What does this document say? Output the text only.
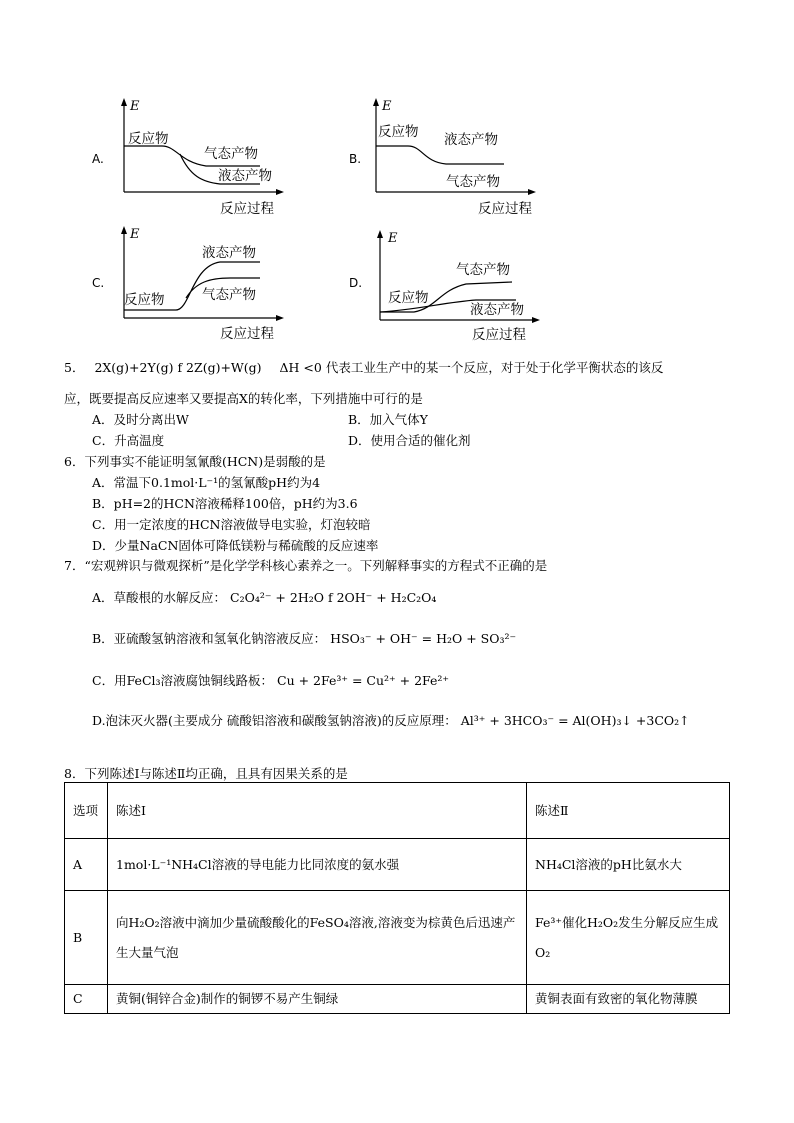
A.
E
反应过程
反应物
气态产物
液态产物
B.
E
反应过程
反应物 液态产物
气态产物
C.
E
反应过程
反应物
液态产物
气态产物
D.
E
反应过程
反应物
气态产物
液态产物
5． 2X(g)+2Y(g) f 2Z(g)+W(g) ΔH <0 代表工业生产中的某一个反应，对于处于化学平衡状态的该反
应，既要提高反应速率又要提高X的转化率，下列措施中可行的是
A．及时分离出W	B．加入气体Y
C．升高温度	D．使用合适的催化剂
6．下列事实不能证明氢氰酸(HCN)是弱酸的是
A．常温下0.1mol·L⁻¹的氢氰酸pH约为4
B．pH=2的HCN溶液稀释100倍，pH约为3.6
C．用一定浓度的HCN溶液做导电实验，灯泡较暗
D．少量NaCN固体可降低镁粉与稀硫酸的反应速率
7．“宏观辨识与微观探析”是化学学科核心素养之一。下列解释事实的方程式不正确的是
A．草酸根的水解反应： C₂O₄²⁻ + 2H₂O f 2OH⁻ + H₂C₂O₄
B．亚硫酸氢钠溶液和氢氧化钠溶液反应： HSO₃⁻ + OH⁻ = H₂O + SO₃²⁻
C．用FeCl₃溶液腐蚀铜线路板： Cu + 2Fe³⁺ = Cu²⁺ + 2Fe²⁺
D.泡沫灭火器(主要成分 硫酸铝溶液和碳酸氢钠溶液)的反应原理： Al³⁺ + 3HCO₃⁻ = Al(OH)₃↓ +3CO₂↑
8．下列陈述Ⅰ与陈述Ⅱ均正确，且具有因果关系的是
选项	陈述Ⅰ	陈述Ⅱ
A	1mol·L⁻¹NH₄Cl溶液的导电能力比同浓度的氨水强	NH₄Cl溶液的pH比氨水大
B	向H₂O₂溶液中滴加少量硫酸酸化的FeSO₄溶液,溶液变为棕黄色后迅速产生大量气泡	Fe³⁺催化H₂O₂发生分解反应生成O₂
C	黄铜(铜锌合金)制作的铜锣不易产生铜绿	黄铜表面有致密的氧化物薄膜
